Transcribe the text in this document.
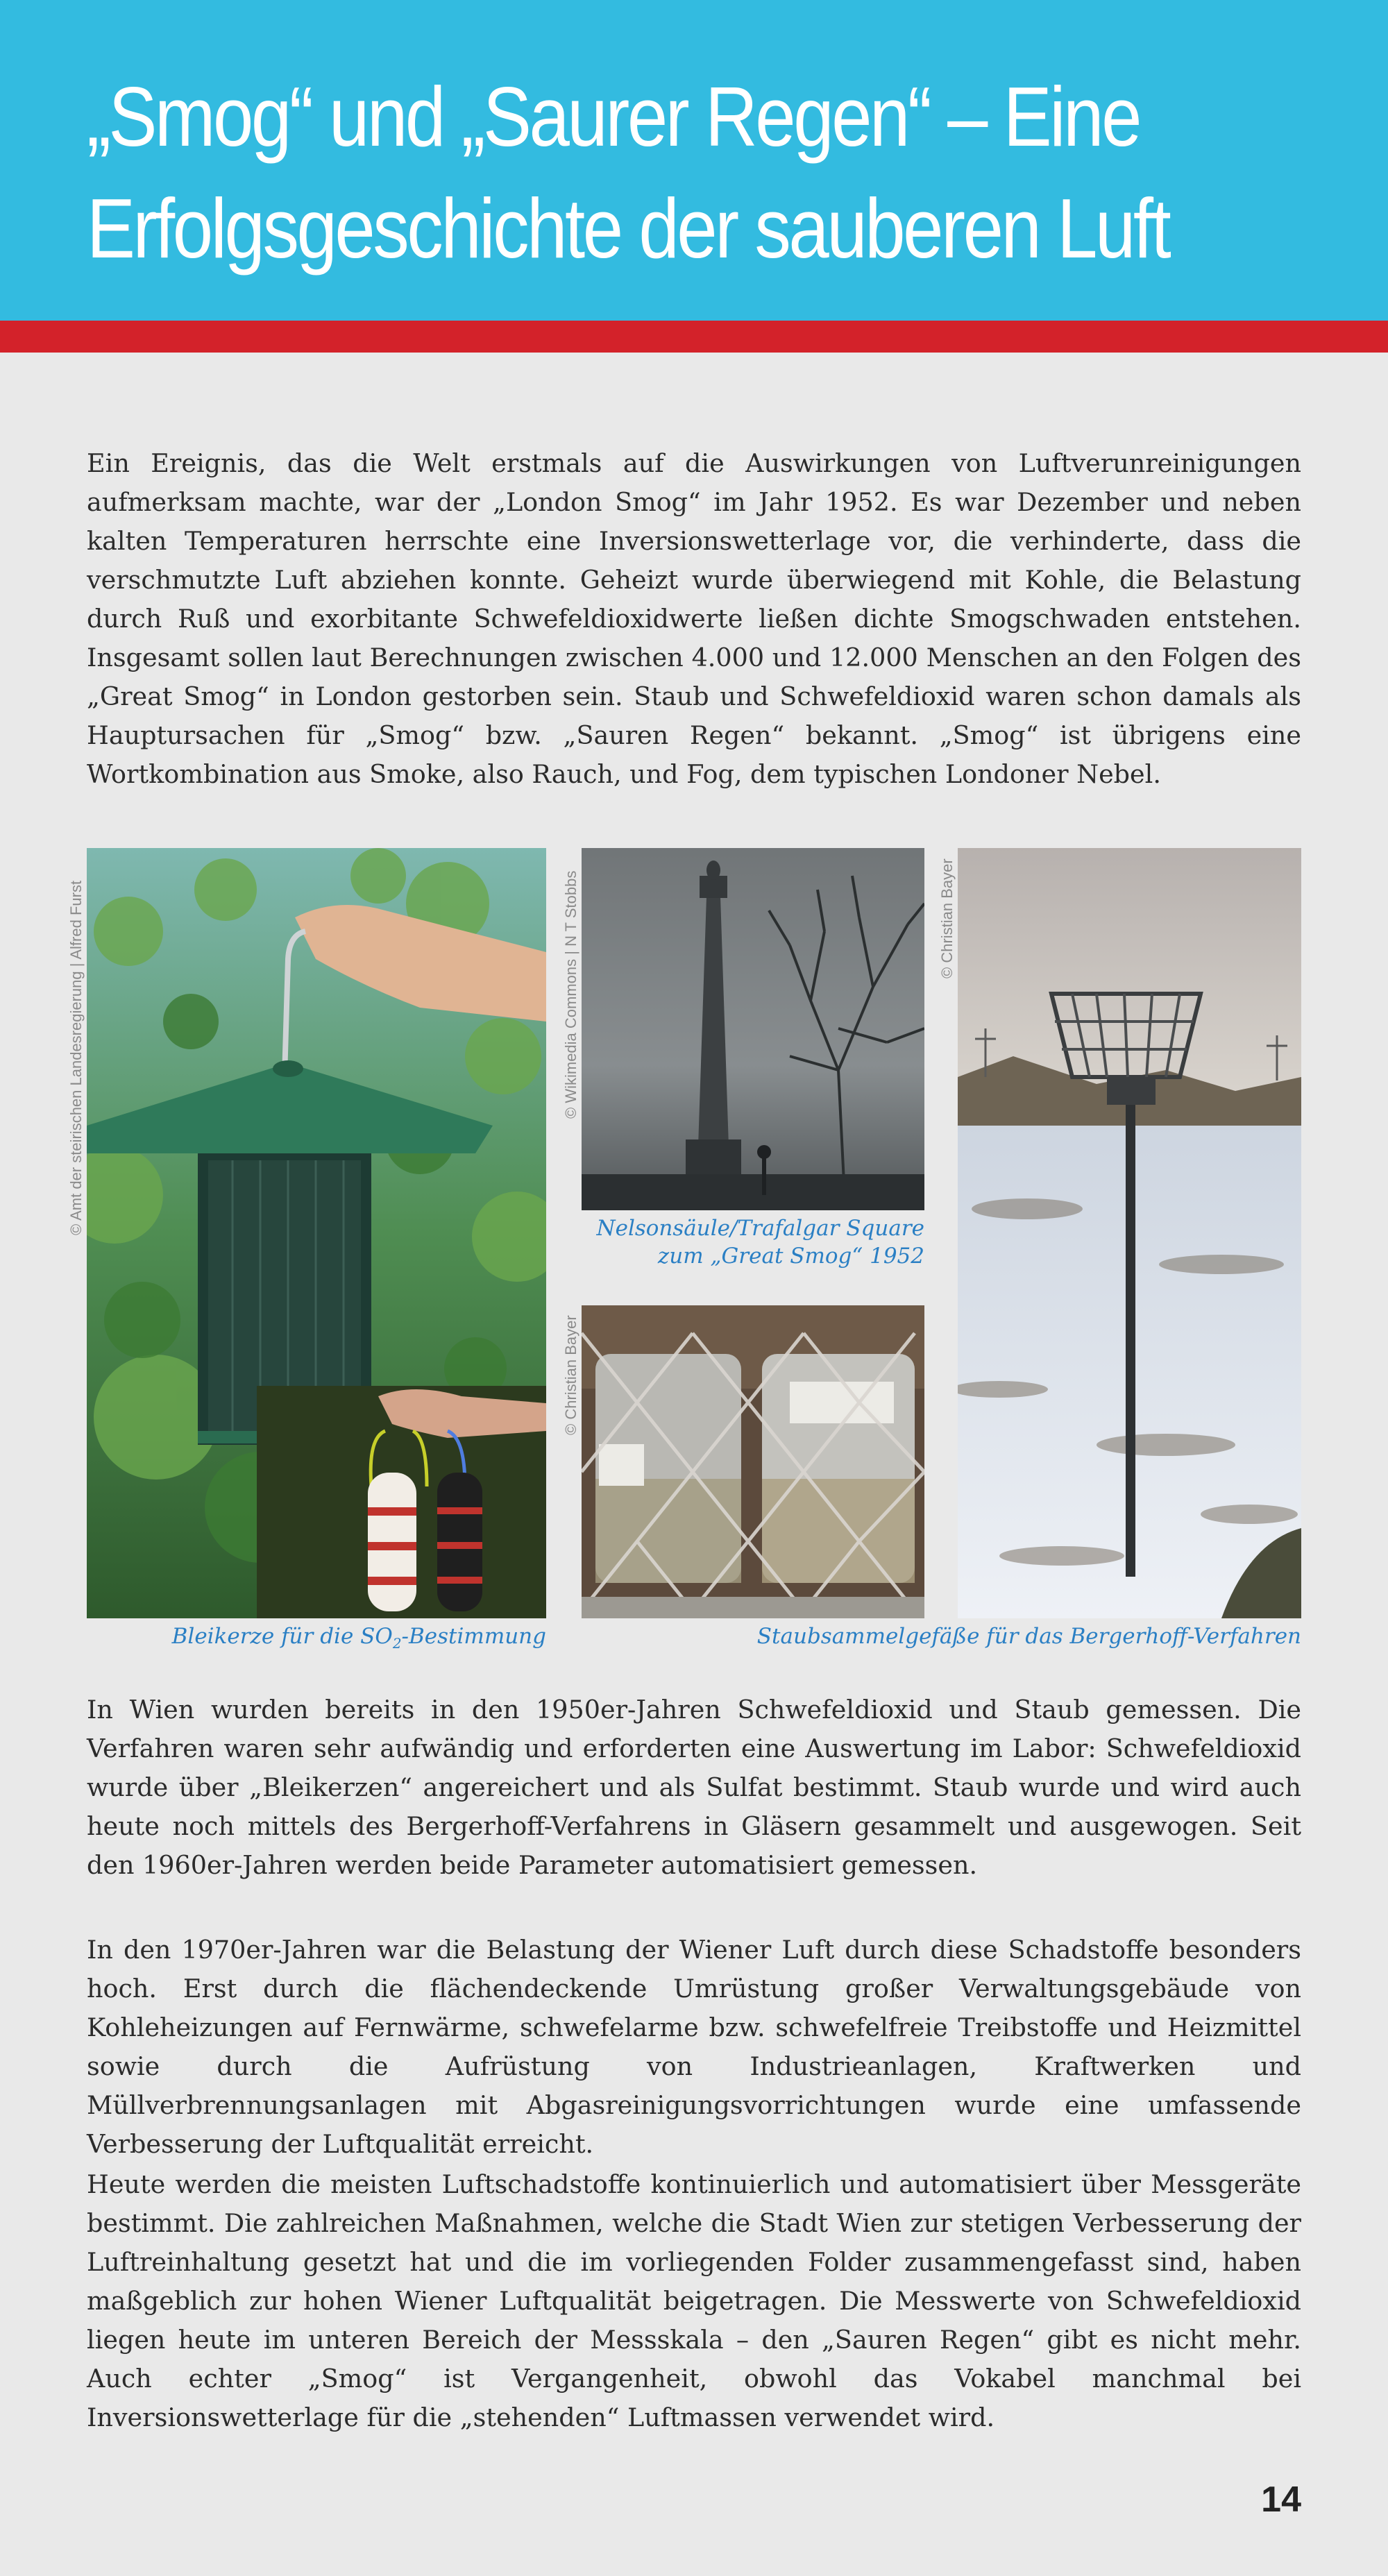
„Smog“ und „Saurer Regen“ – Eine
Erfolgsgeschichte der sauberen Luft

Ein Ereignis, das die Welt erstmals auf die Auswirkungen von Luftverunreinigungen aufmerksam machte, war der „London Smog“ im Jahr 1952. Es war Dezember und neben kalten Temperaturen herrschte eine Inversionswetterlage vor, die verhinderte, dass die verschmutzte Luft abziehen konnte. Geheizt wurde überwiegend mit Kohle, die Belastung durch Ruß und exorbitante Schwefeldioxidwerte ließen dichte Smogschwaden entstehen. Insgesamt sollen laut Berechnungen zwischen 4.000 und 12.000 Menschen an den Folgen des „Great Smog“ in London gestorben sein. Staub und Schwefeldioxid waren schon damals als Hauptursachen für „Smog“ bzw. „Sauren Regen“ bekannt. „Smog“ ist übrigens eine Wortkombination aus Smoke, also Rauch, und Fog, dem typischen Londoner Nebel.

© Amt der steirischen Landesregierung | Alfred Furst	© Wikimedia Commons | N T Stobbs
Nelsonsäule/Trafalgar Square
zum „Great Smog“ 1952
© Christian Bayer
© Christian Bayer
Bleikerze für die $SO_2$-Bestimmung	Staubsammelgefäße für das Bergerhoff-Verfahren

In Wien wurden bereits in den 1950er-Jahren Schwefeldioxid und Staub gemessen. Die Verfahren waren sehr aufwändig und erforderten eine Auswertung im Labor: Schwefeldioxid wurde über „Bleikerzen“ angereichert und als Sulfat bestimmt. Staub wurde und wird auch heute noch mittels des Bergerhoff-Verfahrens in Gläsern gesammelt und ausgewogen. Seit den 1960er-Jahren werden beide Parameter automatisiert gemessen.

In den 1970er-Jahren war die Belastung der Wiener Luft durch diese Schadstoffe besonders hoch. Erst durch die flächendeckende Umrüstung großer Verwaltungsgebäude von Kohleheizungen auf Fernwärme, schwefelarme bzw. schwefelfreie Treibstoffe und Heizmittel sowie durch die Aufrüstung von Industrieanlagen, Kraftwerken und Müllverbrennungsanlagen mit Abgasreinigungsvorrichtungen wurde eine umfassende Verbesserung der Luftqualität erreicht.

Heute werden die meisten Luftschadstoffe kontinuierlich und automatisiert über Messgeräte bestimmt. Die zahlreichen Maßnahmen, welche die Stadt Wien zur stetigen Verbesserung der Luftreinhaltung gesetzt hat und die im vorliegenden Folder zusammengefasst sind, haben maßgeblich zur hohen Wiener Luftqualität beigetragen. Die Messwerte von Schwefeldioxid liegen heute im unteren Bereich der Messskala – den „Sauren Regen“ gibt es nicht mehr. Auch echter „Smog“ ist Vergangenheit, obwohl das Vokabel manchmal bei Inversionswetterlage für die „stehenden“ Luftmassen verwendet wird.

14
